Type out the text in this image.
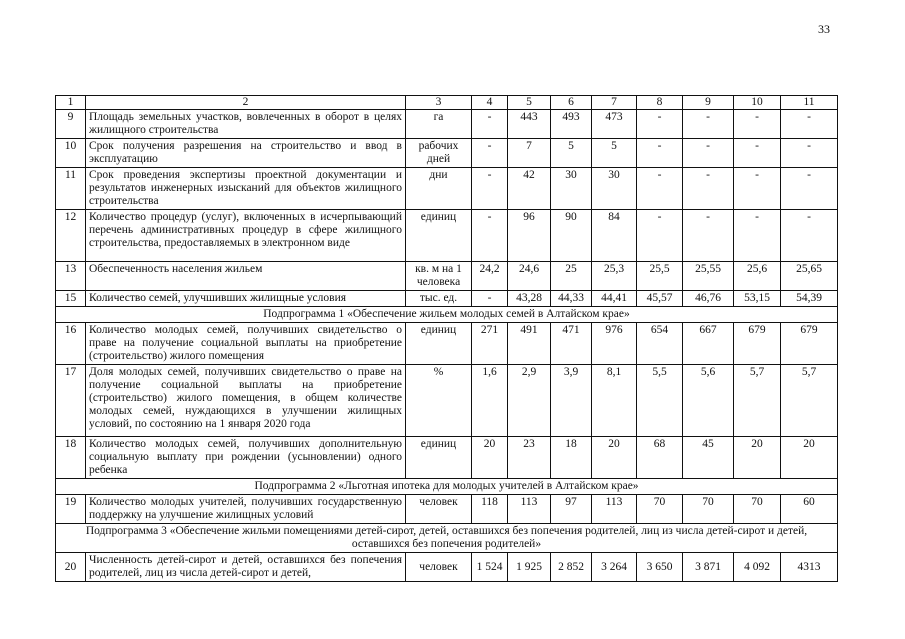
33
1	2	3	4	5	6	7	8	9	10	11
9	Площадь земельных участков, вовлеченных в оборот в целях жилищного строительства	га	-	443	493	473	-	-	-	-
10	Срок получения разрешения на строительство и ввод в эксплуатацию	рабочих дней	-	7	5	5	-	-	-	-
11	Срок проведения экспертизы проектной документации и результатов инженерных изысканий для объектов жилищного строительства	дни	-	42	30	30	-	-	-	-
12	Количество процедур (услуг), включенных в исчерпывающий перечень административных процедур в сфере жилищного строительства, предоставляемых в электронном виде	единиц	-	96	90	84	-	-	-	-
13	Обеспеченность населения жильем	кв. м на 1 человека	24,2	24,6	25	25,3	25,5	25,55	25,6	25,65
15	Количество семей, улучшивших жилищные условия	тыс. ед.	-	43,28	44,33	44,41	45,57	46,76	53,15	54,39
Подпрограмма 1 «Обеспечение жильем молодых семей в Алтайском крае»										
16	Количество молодых семей, получивших свидетельство о праве на получение социальной выплаты на приобретение (строительство) жилого помещения	единиц	271	491	471	976	654	667	679	679
17	Доля молодых семей, получивших свидетельство о праве на получение социальной выплаты на приобретение (строительство) жилого помещения, в общем количестве молодых семей, нуждающихся в улучшении жилищных условий, по состоянию на 1 января 2020 года	%	1,6	2,9	3,9	8,1	5,5	5,6	5,7	5,7
18	Количество молодых семей, получивших дополнительную социальную выплату при рождении (усыновлении) одного ребенка	единиц	20	23	18	20	68	45	20	20
Подпрограмма 2 «Льготная ипотека для молодых учителей в Алтайском крае»										
19	Количество молодых учителей, получивших государственную поддержку на улучшение жилищных условий	человек	118	113	97	113	70	70	70	60
Подпрограмма 3 «Обеспечение жильми помещениями детей-сирот, детей, оставшихся без попечения родителей, лиц из числа детей-сирот и детей, оставшихся без попечения родителей»										
20	Численность детей-сирот и детей, оставшихся без попечения родителей, лиц из числа детей-сирот и детей,	человек	1 524	1 925	2 852	3 264	3 650	3 871	4 092	4313
